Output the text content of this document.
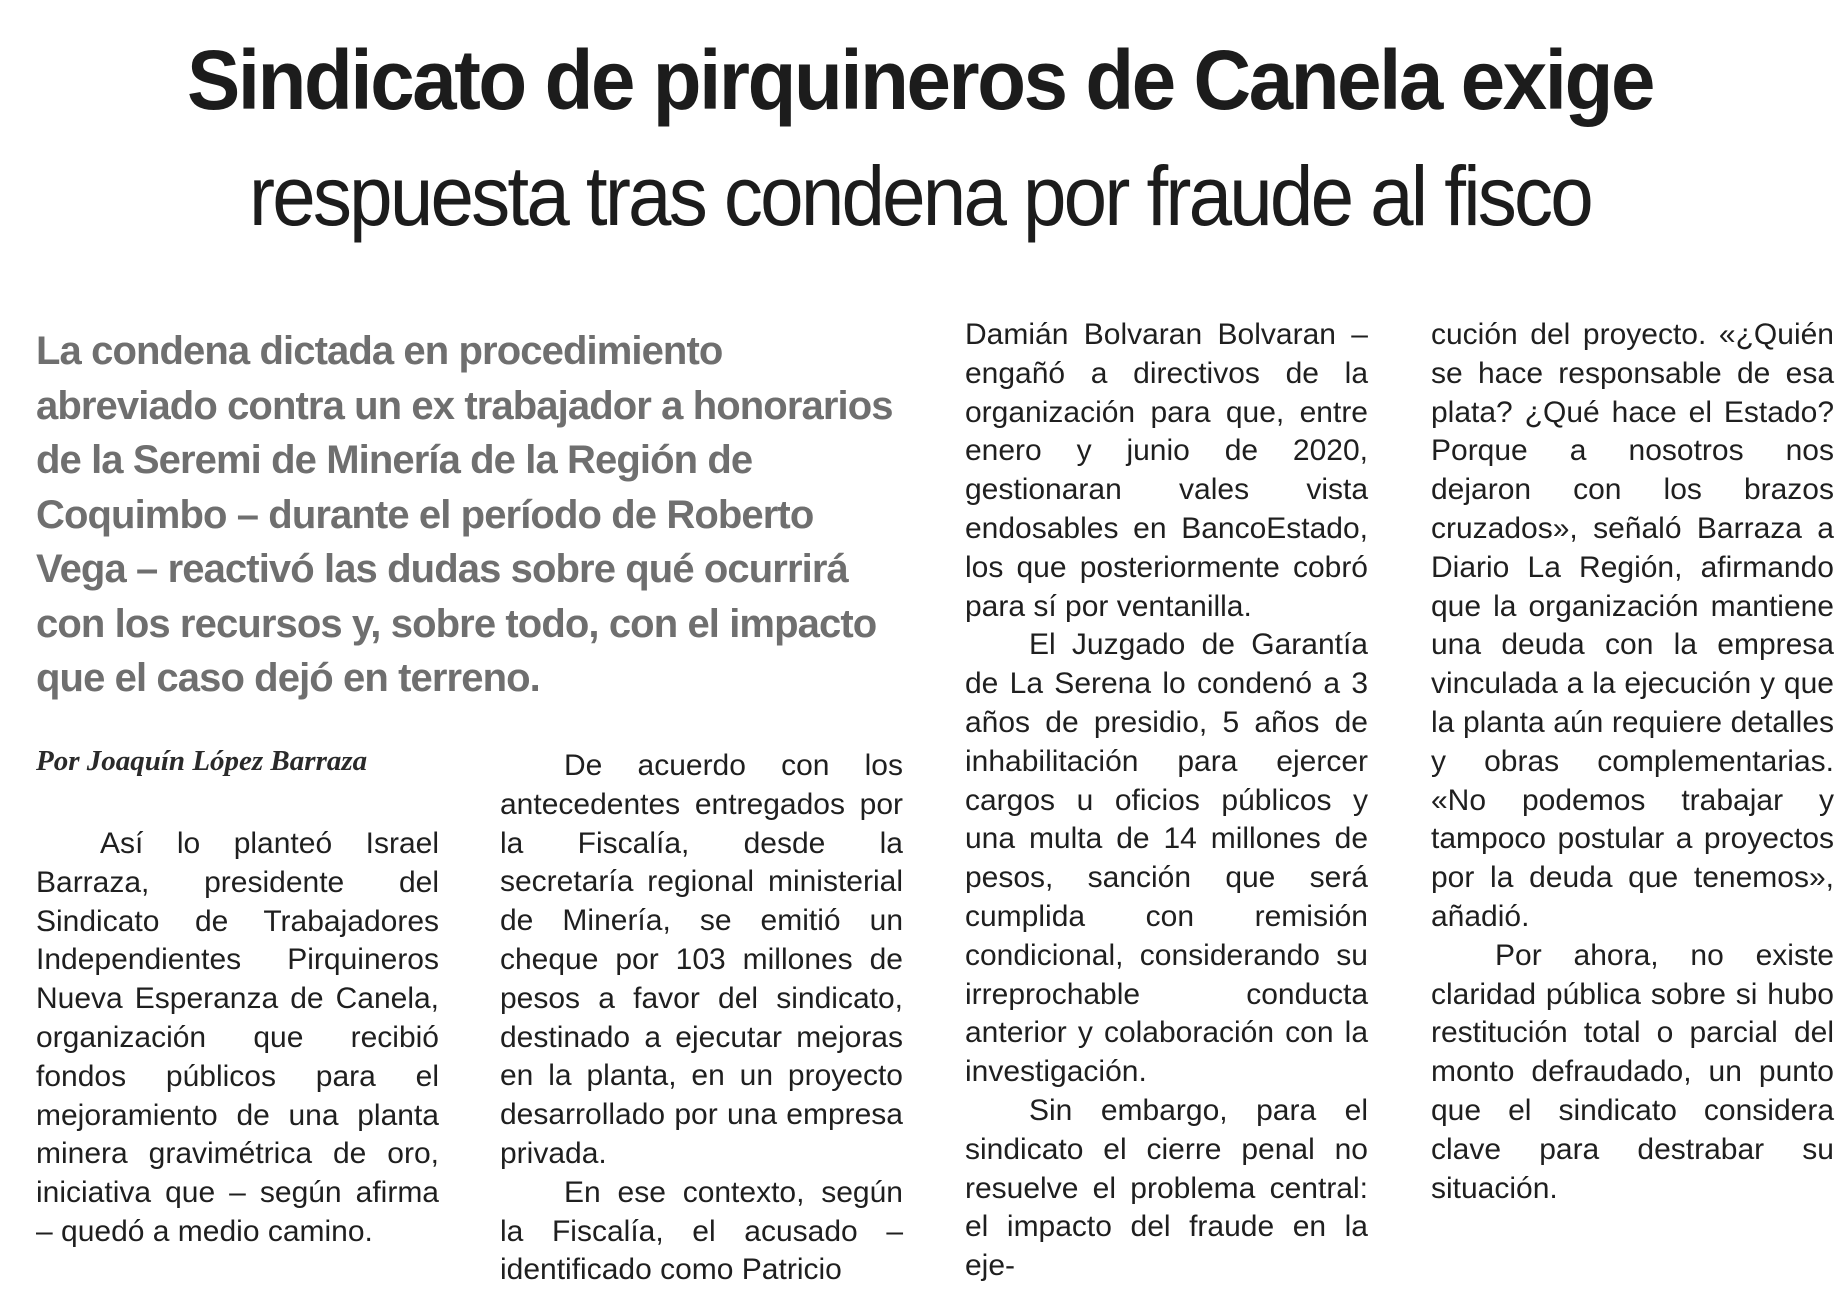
Sindicato de pirquineros de Canela exige
respuesta tras condena por fraude al fisco

La condena dictada en procedimiento abreviado contra un ex trabajador a honorarios de la Seremi de Minería de la Región de Coquimbo – durante el período de Roberto Vega – reactivó las dudas sobre qué ocurrirá con los recursos y, sobre todo, con el impacto que el caso dejó en terreno.

Por Joaquín López Barraza

Así lo planteó Israel Barraza, presidente del Sindicato de Trabajadores Independientes Pirquineros Nueva Esperanza de Canela, organización que recibió fondos públicos para el mejoramiento de una planta minera gravimétrica de oro, iniciativa que – según afirma – quedó a medio camino.

De acuerdo con los antecedentes entregados por la Fiscalía, desde la secretaría regional ministerial de Minería, se emitió un cheque por 103 millones de pesos a favor del sindicato, destinado a ejecutar mejoras en la planta, en un proyecto desarrollado por una empresa privada.

En ese contexto, según la Fiscalía, el acusado – identificado como Patricio

Damián Bolvaran Bolvaran – engañó a directivos de la organización para que, entre enero y junio de 2020, gestionaran vales vista endosables en BancoEstado, los que posteriormente cobró para sí por ventanilla.

El Juzgado de Garantía de La Serena lo condenó a 3 años de presidio, 5 años de inhabilitación para ejercer cargos u oficios públicos y una multa de 14 millones de pesos, sanción que será cumplida con remisión condicional, considerando su irreprochable conducta anterior y colaboración con la investigación.

Sin embargo, para el sindicato el cierre penal no resuelve el problema central: el impacto del fraude en la eje-

cución del proyecto. «¿Quién se hace responsable de esa plata? ¿Qué hace el Estado? Porque a nosotros nos dejaron con los brazos cruzados», señaló Barraza a Diario La Región, afirmando que la organización mantiene una deuda con la empresa vinculada a la ejecución y que la planta aún requiere detalles y obras complementarias. «No podemos trabajar y tampoco postular a proyectos por la deuda que tenemos», añadió.

Por ahora, no existe claridad pública sobre si hubo restitución total o parcial del monto defraudado, un punto que el sindicato considera clave para destrabar su situación.
